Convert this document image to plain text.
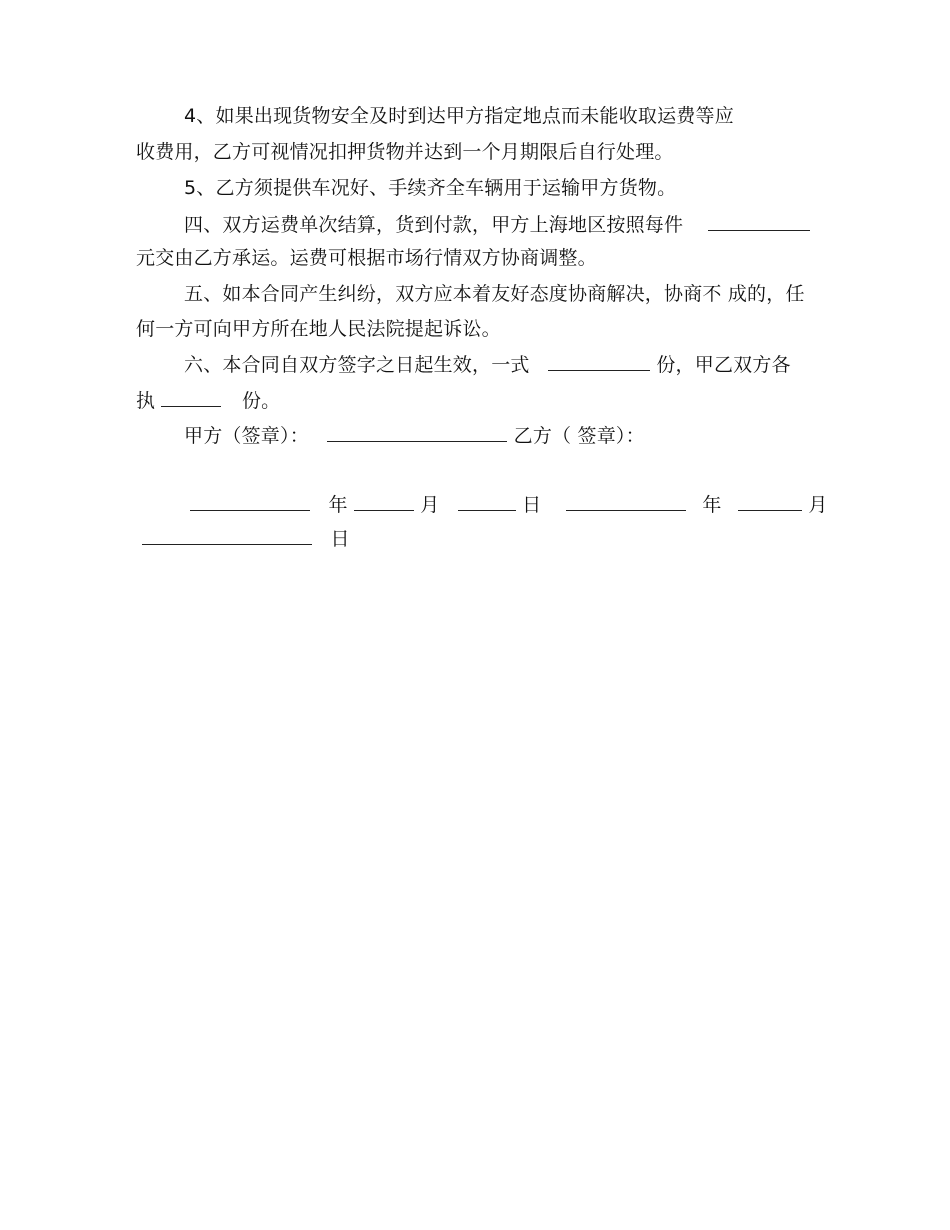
4、如果出现货物安全及时到达甲方指定地点而未能收取运费等应
收费用，乙方可视情况扣押货物并达到一个月期限后自行处理。
5、乙方须提供车况好、手续齐全车辆用于运输甲方货物。
四、双方运费单次结算，货到付款，甲方上海地区按照每件
元交由乙方承运。运费可根据市场行情双方协商调整。
五、如本合同产生纠纷，双方应本着友好态度协商解决，协商不 成的，任
何一方可向甲方所在地人民法院提起诉讼。
六、本合同自双方签字之日起生效，一式	份，甲乙双方各
执	份。
甲方（签章）：	乙方（ 签章）：
年	月	日	年	月
日
